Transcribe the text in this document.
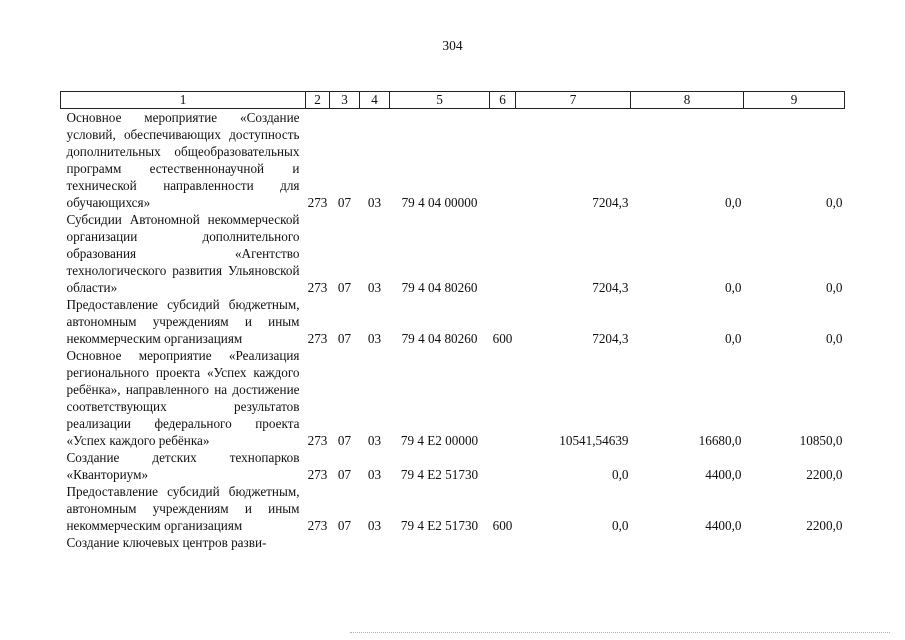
304
1	2	3	4	5	6	7	8	9
Основное мероприятие «Создание условий, обеспечивающих доступность дополнительных общеобразовательных программ естественнонаучной и технической направленности для обучающихся»	273	07	03	79 4 04 00000		7204,3	0,0	0,0
Субсидии Автономной некоммерческой организации дополнительного образования «Агентство технологического развития Ульяновской области»	273	07	03	79 4 04 80260		7204,3	0,0	0,0
Предоставление субсидий бюджетным, автономным учреждениям и иным некоммерческим организациям	273	07	03	79 4 04 80260	600	7204,3	0,0	0,0
Основное мероприятие «Реализация регионального проекта «Успех каждого ребёнка», направленного на достижение соответствующих результатов реализации федерального проекта «Успех каждого ребёнка»	273	07	03	79 4 E2 00000		10541,54639	16680,0	10850,0
Создание детских технопарков «Кванториум»	273	07	03	79 4 E2 51730		0,0	4400,0	2200,0
Предоставление субсидий бюджетным, автономным учреждениям и иным некоммерческим организациям	273	07	03	79 4 E2 51730	600	0,0	4400,0	2200,0
Создание ключевых центров разви-								
